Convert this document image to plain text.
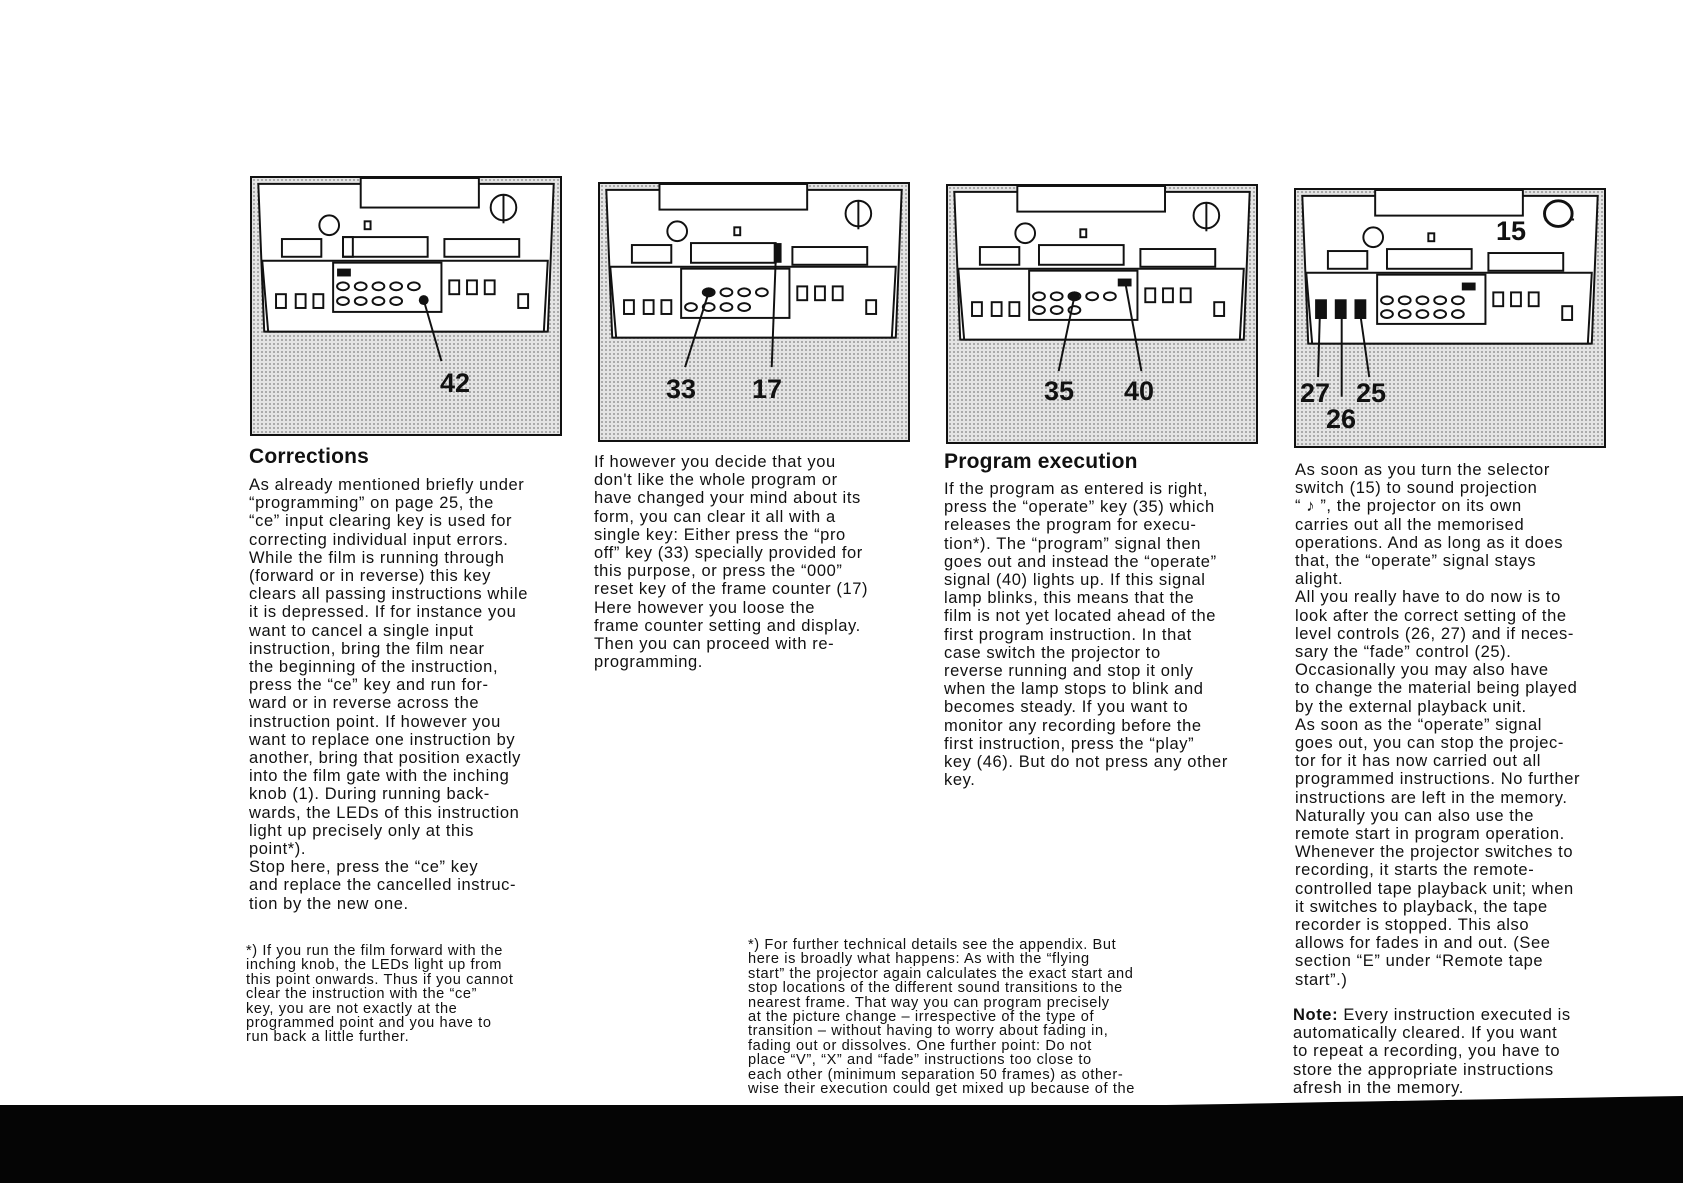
42	33 17	35 40
15
27 25
26
Corrections
As already mentioned briefly under
“programming” on page 25, the
“ce” input clearing key is used for
correcting individual input errors.
While the film is running through
(forward or in reverse) this key
clears all passing instructions while
it is depressed. If for instance you
want to cancel a single input
instruction, bring the film near
the beginning of the instruction,
press the “ce” key and run for-
ward or in reverse across the
instruction point. If however you
want to replace one instruction by
another, bring that position exactly
into the film gate with the inching
knob (1). During running back-
wards, the LEDs of this instruction
light up precisely only at this
point*).
Stop here, press the “ce” key
and replace the cancelled instruc-
tion by the new one.
*) If you run the film forward with the
inching knob, the LEDs light up from
this point onwards. Thus if you cannot
clear the instruction with the “ce”
key, you are not exactly at the
programmed point and you have to
run back a little further.
If however you decide that you
don't like the whole program or
have changed your mind about its
form, you can clear it all with a
single key: Either press the “pro
off” key (33) specially provided for
this purpose, or press the “000”
reset key of the frame counter (17)
Here however you loose the
frame counter setting and display.
Then you can proceed with re-
programming.
Program execution
If the program as entered is right,
press the “operate” key (35) which
releases the program for execu-
tion*). The “program” signal then
goes out and instead the “operate”
signal (40) lights up. If this signal
lamp blinks, this means that the
film is not yet located ahead of the
first program instruction. In that
case switch the projector to
reverse running and stop it only
when the lamp stops to blink and
becomes steady. If you want to
monitor any recording before the
first instruction, press the “play”
key (46). But do not press any other
key.
*) For further technical details see the appendix. But
here is broadly what happens: As with the “flying
start” the projector again calculates the exact start and
stop locations of the different sound transitions to the
nearest frame. That way you can program precisely
at the picture change – irrespective of the type of
transition – without having to worry about fading in,
fading out or dissolves. One further point: Do not
place “V”, “X” and “fade” instructions too close to
each other (minimum separation 50 frames) as other-
wise their execution could get mixed up because of the
As soon as you turn the selector
switch (15) to sound projection
“ ♪ ”, the projector on its own
carries out all the memorised
operations. And as long as it does
that, the “operate” signal stays
alight.
All you really have to do now is to
look after the correct setting of the
level controls (26, 27) and if neces-
sary the “fade” control (25).
Occasionally you may also have
to change the material being played
by the external playback unit.
As soon as the “operate” signal
goes out, you can stop the projec-
tor for it has now carried out all
programmed instructions. No further
instructions are left in the memory.
Naturally you can also use the
remote start in program operation.
Whenever the projector switches to
recording, it starts the remote-
controlled tape playback unit; when
it switches to playback, the tape
recorder is stopped. This also
allows for fades in and out. (See
section “E” under “Remote tape
start”.)
Note: Every instruction executed is
automatically cleared. If you want
to repeat a recording, you have to
store the appropriate instructions
afresh in the memory.
